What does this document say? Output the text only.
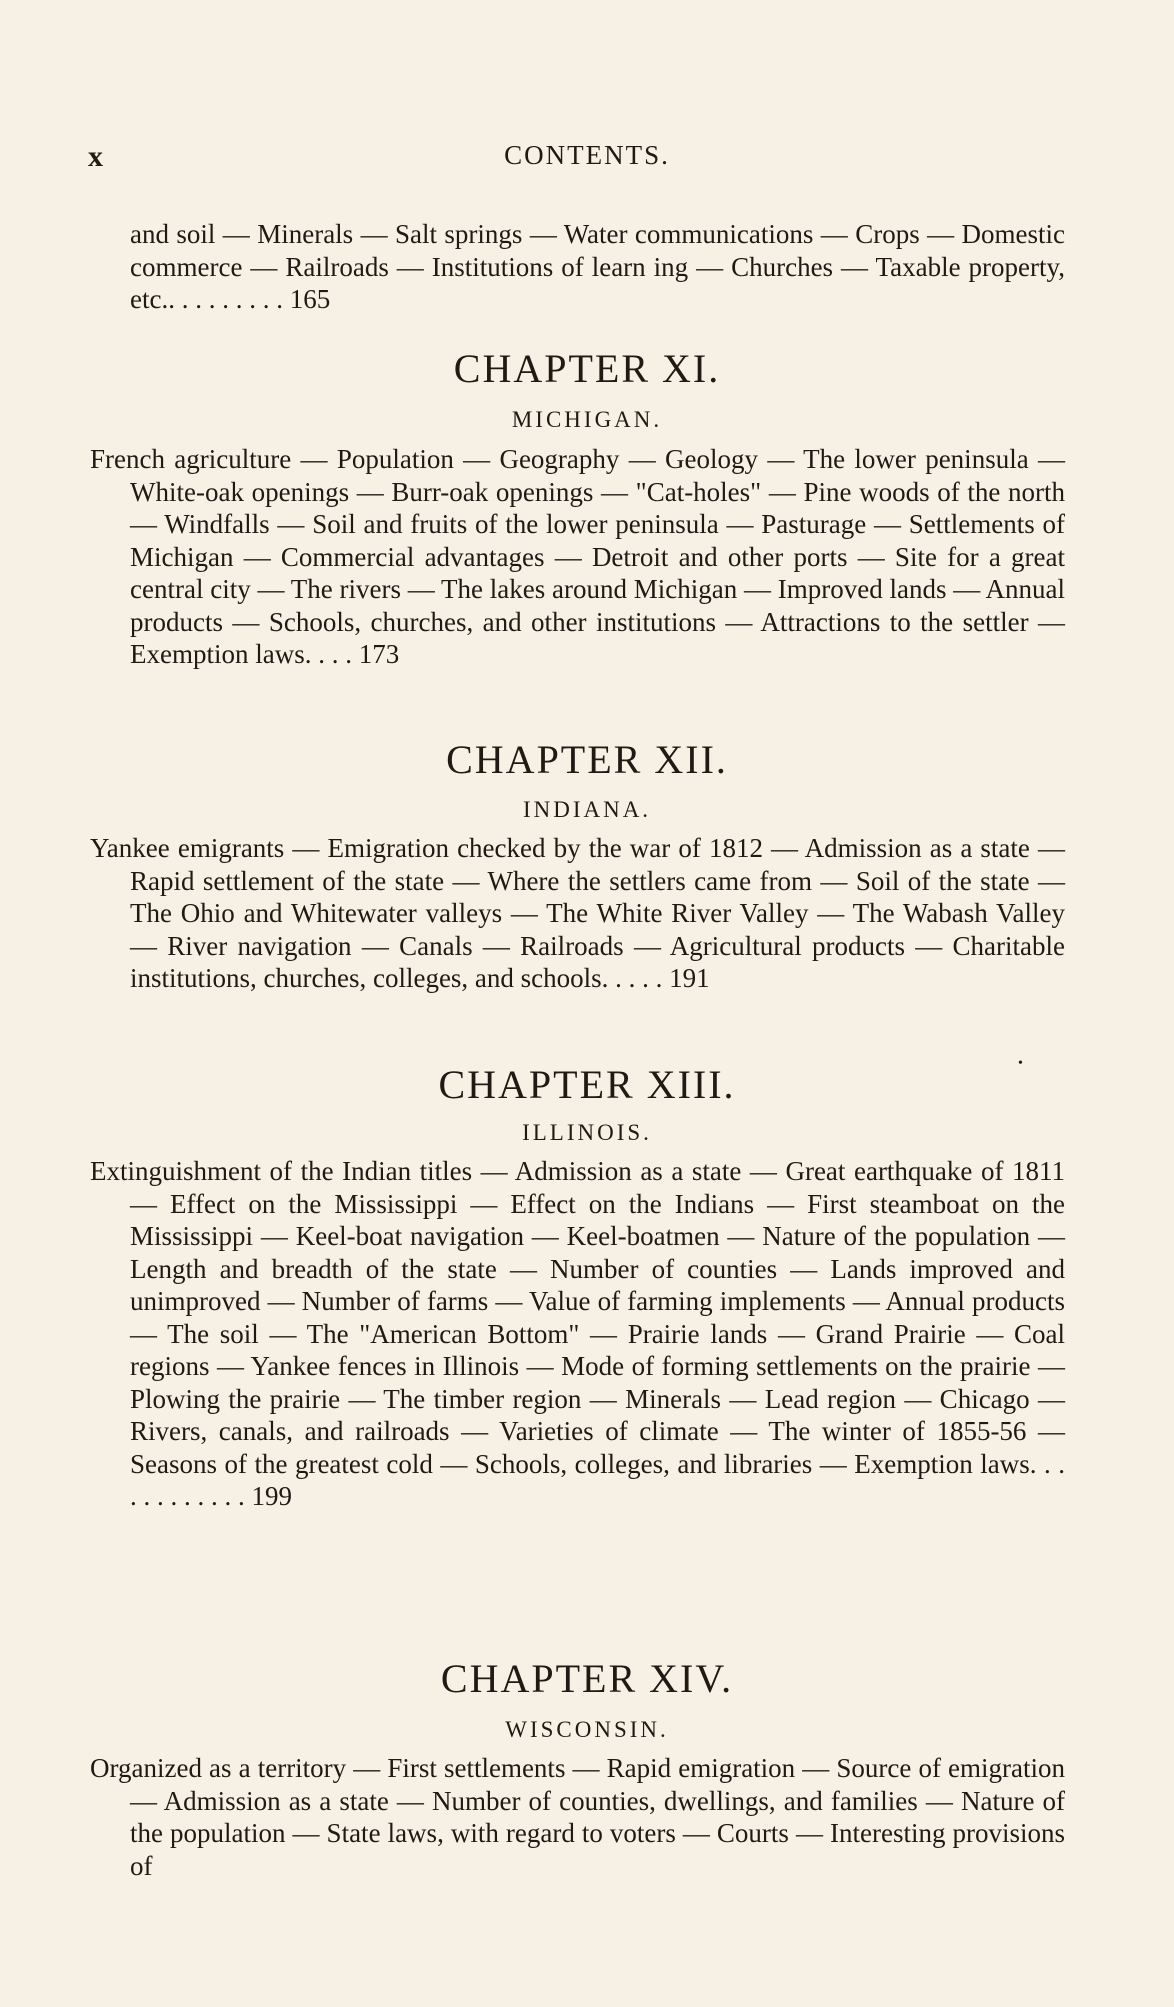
x	CONTENTS.

and soil — Minerals — Salt springs — Water communications — Crops — Domestic commerce — Railroads — Institutions of learn ing — Churches — Taxable property, etc.. . . . . . . . . 165

CHAPTER XI.
MICHIGAN.

French agriculture — Population — Geography — Geology — The lower peninsula — White-oak openings — Burr-oak openings — "Cat-holes" — Pine woods of the north — Windfalls — Soil and fruits of the lower peninsula — Pasturage — Settlements of Michigan — Commercial advantages — Detroit and other ports — Site for a great central city — The rivers — The lakes around Michigan — Improved lands — Annual products — Schools, churches, and other institutions — Attractions to the settler — Exemption laws. . . . 173

CHAPTER XII.
INDIANA.

Yankee emigrants — Emigration checked by the war of 1812 — Admission as a state — Rapid settlement of the state — Where the settlers came from — Soil of the state — The Ohio and Whitewater valleys — The White River Valley — The Wabash Valley — River navigation — Canals — Railroads — Agricultural products — Charitable institutions, churches, colleges, and schools. . . . . 191

•
CHAPTER XIII.
ILLINOIS.

Extinguishment of the Indian titles — Admission as a state — Great earthquake of 1811 — Effect on the Mississippi — Effect on the Indians — First steamboat on the Mississippi — Keel-boat navigation — Keel-boatmen — Nature of the population — Length and breadth of the state — Number of counties — Lands improved and unimproved — Number of farms — Value of farming implements — Annual products — The soil — The "American Bottom" — Prairie lands — Grand Prairie — Coal regions — Yankee fences in Illinois — Mode of forming settlements on the prairie — Plowing the prairie — The timber region — Minerals — Lead region — Chicago — Rivers, canals, and railroads — Varieties of climate — The winter of 1855-56 — Seasons of the greatest cold — Schools, colleges, and libraries — Exemption laws. . . . . . . . . . . . 199

CHAPTER XIV.
WISCONSIN.

Organized as a territory — First settlements — Rapid emigration — Source of emigration — Admission as a state — Number of counties, dwellings, and families — Nature of the population — State laws, with regard to voters — Courts — Interesting provisions of
